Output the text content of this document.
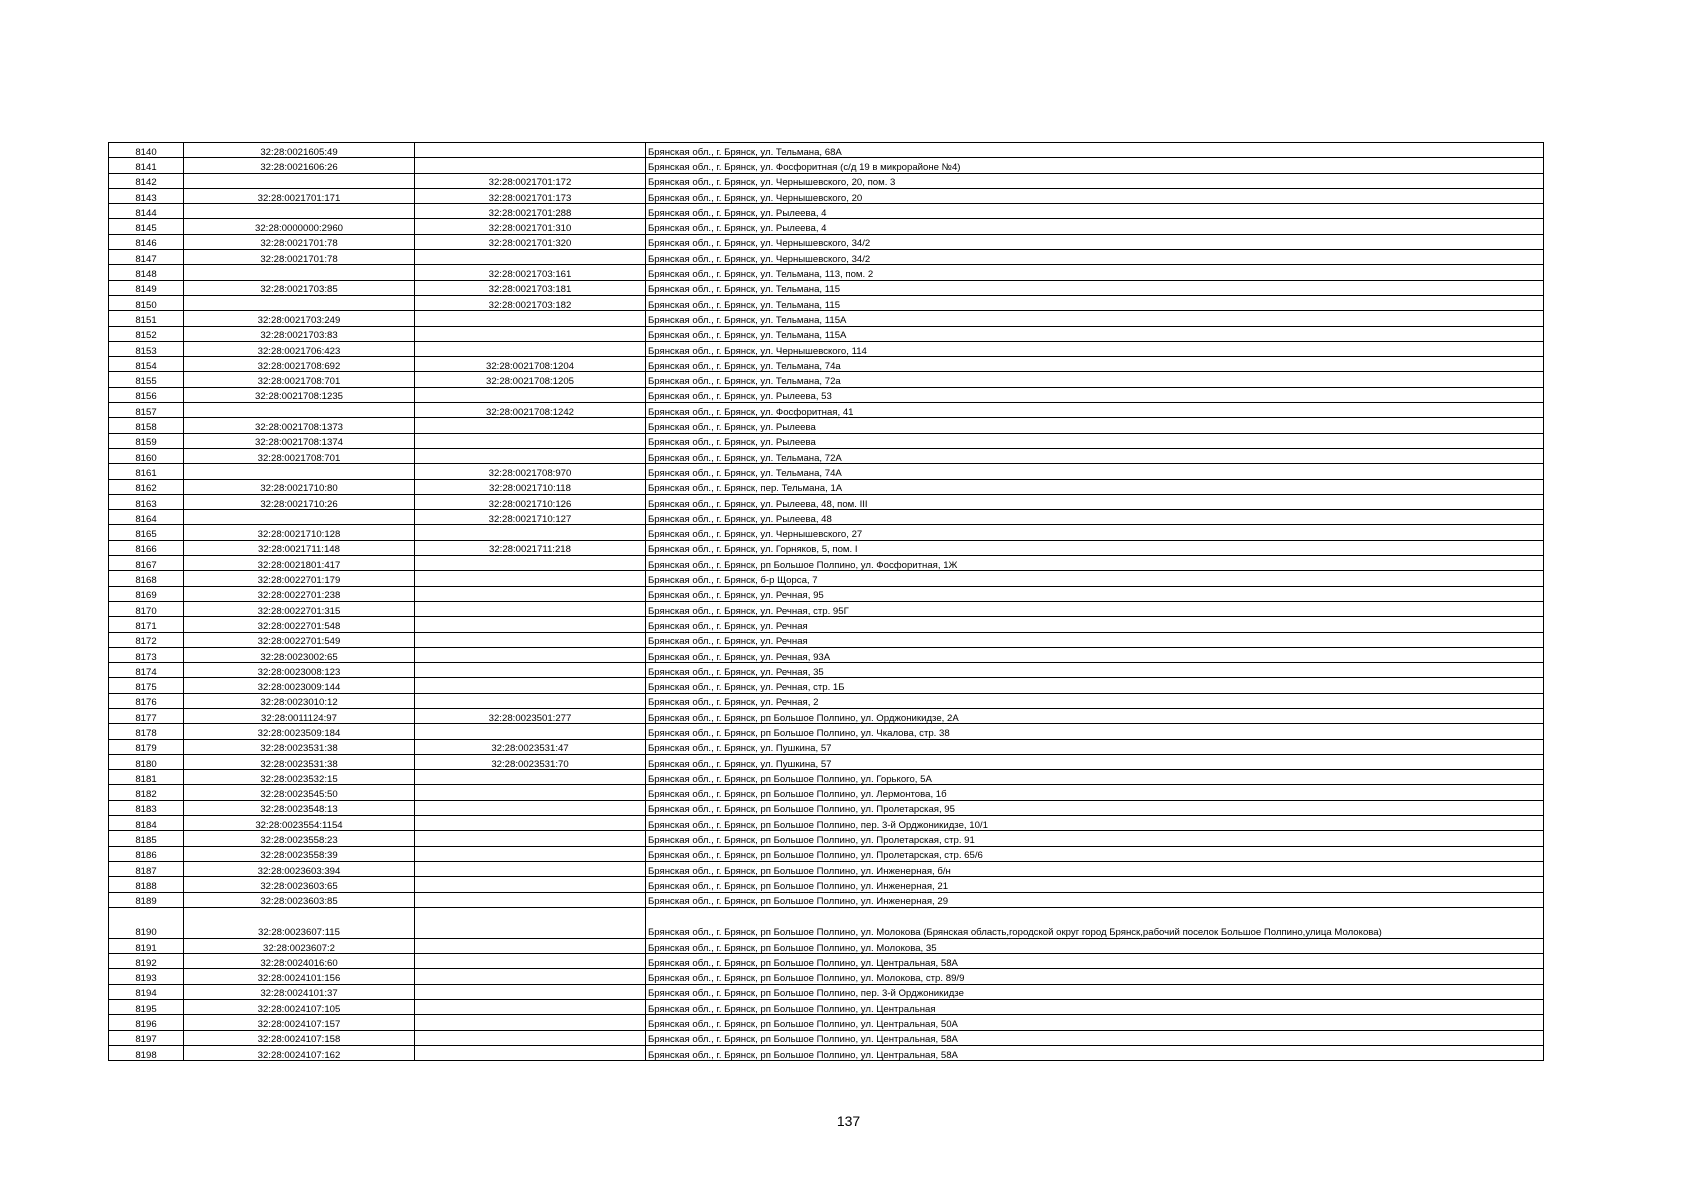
8140	32:28:0021605:49		Брянская обл., г. Брянск, ул. Тельмана, 68А
8141	32:28:0021606:26		Брянская обл., г. Брянск, ул. Фосфоритная (с/д 19 в микрорайоне №4)
8142		32:28:0021701:172	Брянская обл., г. Брянск, ул. Чернышевского, 20, пом. 3
8143	32:28:0021701:171	32:28:0021701:173	Брянская обл., г. Брянск, ул. Чернышевского, 20
8144		32:28:0021701:288	Брянская обл., г. Брянск, ул. Рылеева, 4
8145	32:28:0000000:2960	32:28:0021701:310	Брянская обл., г. Брянск, ул. Рылеева, 4
8146	32:28:0021701:78	32:28:0021701:320	Брянская обл., г. Брянск, ул. Чернышевского, 34/2
8147	32:28:0021701:78		Брянская обл., г. Брянск, ул. Чернышевского, 34/2
8148		32:28:0021703:161	Брянская обл., г. Брянск, ул. Тельмана, 113, пом. 2
8149	32:28:0021703:85	32:28:0021703:181	Брянская обл., г. Брянск, ул. Тельмана, 115
8150		32:28:0021703:182	Брянская обл., г. Брянск, ул. Тельмана, 115
8151	32:28:0021703:249		Брянская обл., г. Брянск, ул. Тельмана, 115А
8152	32:28:0021703:83		Брянская обл., г. Брянск, ул. Тельмана, 115А
8153	32:28:0021706:423		Брянская обл., г. Брянск, ул. Чернышевского, 114
8154	32:28:0021708:692	32:28:0021708:1204	Брянская обл., г. Брянск, ул. Тельмана, 74а
8155	32:28:0021708:701	32:28:0021708:1205	Брянская обл., г. Брянск, ул. Тельмана, 72а
8156	32:28:0021708:1235		Брянская обл., г. Брянск, ул. Рылеева, 53
8157		32:28:0021708:1242	Брянская обл., г. Брянск, ул. Фосфоритная, 41
8158	32:28:0021708:1373		Брянская обл., г. Брянск, ул. Рылеева
8159	32:28:0021708:1374		Брянская обл., г. Брянск, ул. Рылеева
8160	32:28:0021708:701		Брянская обл., г. Брянск, ул. Тельмана, 72А
8161		32:28:0021708:970	Брянская обл., г. Брянск, ул. Тельмана, 74А
8162	32:28:0021710:80	32:28:0021710:118	Брянская обл., г. Брянск, пер. Тельмана, 1А
8163	32:28:0021710:26	32:28:0021710:126	Брянская обл., г. Брянск, ул. Рылеева, 48, пом. III
8164		32:28:0021710:127	Брянская обл., г. Брянск, ул. Рылеева, 48
8165	32:28:0021710:128		Брянская обл., г. Брянск, ул. Чернышевского, 27
8166	32:28:0021711:148	32:28:0021711:218	Брянская обл., г. Брянск, ул. Горняков, 5, пом. I
8167	32:28:0021801:417		Брянская обл., г. Брянск, рп Большое Полпино, ул. Фосфоритная, 1Ж
8168	32:28:0022701:179		Брянская обл., г. Брянск, б-р Щорса, 7
8169	32:28:0022701:238		Брянская обл., г. Брянск, ул. Речная, 95
8170	32:28:0022701:315		Брянская обл., г. Брянск, ул. Речная, стр. 95Г
8171	32:28:0022701:548		Брянская обл., г. Брянск, ул. Речная
8172	32:28:0022701:549		Брянская обл., г. Брянск, ул. Речная
8173	32:28:0023002:65		Брянская обл., г. Брянск, ул. Речная, 93А
8174	32:28:0023008:123		Брянская обл., г. Брянск, ул. Речная, 35
8175	32:28:0023009:144		Брянская обл., г. Брянск, ул. Речная, стр. 1Б
8176	32:28:0023010:12		Брянская обл., г. Брянск, ул. Речная, 2
8177	32:28:0011124:97	32:28:0023501:277	Брянская обл., г. Брянск, рп Большое Полпино, ул. Орджоникидзе, 2А
8178	32:28:0023509:184		Брянская обл., г. Брянск, рп Большое Полпино, ул. Чкалова, стр. 38
8179	32:28:0023531:38	32:28:0023531:47	Брянская обл., г. Брянск, ул. Пушкина, 57
8180	32:28:0023531:38	32:28:0023531:70	Брянская обл., г. Брянск, ул. Пушкина, 57
8181	32:28:0023532:15		Брянская обл., г. Брянск, рп Большое Полпино, ул. Горького, 5А
8182	32:28:0023545:50		Брянская обл., г. Брянск, рп Большое Полпино, ул. Лермонтова, 1б
8183	32:28:0023548:13		Брянская обл., г. Брянск, рп Большое Полпино, ул. Пролетарская, 95
8184	32:28:0023554:1154		Брянская обл., г. Брянск, рп Большое Полпино, пер. 3-й Орджоникидзе, 10/1
8185	32:28:0023558:23		Брянская обл., г. Брянск, рп Большое Полпино, ул. Пролетарская, стр. 91
8186	32:28:0023558:39		Брянская обл., г. Брянск, рп Большое Полпино, ул. Пролетарская, стр. 65/6
8187	32:28:0023603:394		Брянская обл., г. Брянск, рп Большое Полпино, ул. Инженерная, б/н
8188	32:28:0023603:65		Брянская обл., г. Брянск, рп Большое Полпино, ул. Инженерная, 21
8189	32:28:0023603:85		Брянская обл., г. Брянск, рп Большое Полпино, ул. Инженерная, 29
8190	32:28:0023607:115		Брянская обл., г. Брянск, рп Большое Полпино, ул. Молокова (Брянская область,городской округ город Брянск,рабочий поселок Большое Полпино,улица Молокова)
8191	32:28:0023607:2		Брянская обл., г. Брянск, рп Большое Полпино, ул. Молокова, 35
8192	32:28:0024016:60		Брянская обл., г. Брянск, рп Большое Полпино, ул. Центральная, 58А
8193	32:28:0024101:156		Брянская обл., г. Брянск, рп Большое Полпино, ул. Молокова, стр. 89/9
8194	32:28:0024101:37		Брянская обл., г. Брянск, рп Большое Полпино, пер. 3-й Орджоникидзе
8195	32:28:0024107:105		Брянская обл., г. Брянск, рп Большое Полпино, ул. Центральная
8196	32:28:0024107:157		Брянская обл., г. Брянск, рп Большое Полпино, ул. Центральная, 50А
8197	32:28:0024107:158		Брянская обл., г. Брянск, рп Большое Полпино, ул. Центральная, 58А
8198	32:28:0024107:162		Брянская обл., г. Брянск, рп Большое Полпино, ул. Центральная, 58А
137
